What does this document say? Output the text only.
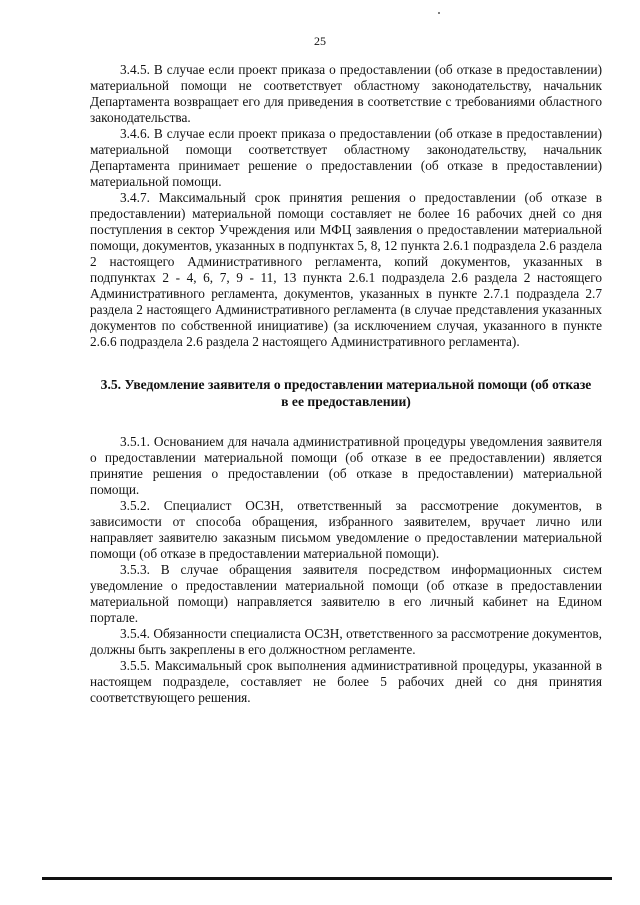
25

3.4.5. В случае если проект приказа о предоставлении (об отказе в предоставлении) материальной помощи не соответствует областному законодательству, начальник Департамента возвращает его для приведения в соответствие с требованиями областного законодательства.

3.4.6. В случае если проект приказа о предоставлении (об отказе в предоставлении) материальной помощи соответствует областному законодательству, начальник Департамента принимает решение о предоставлении (об отказе в предоставлении) материальной помощи.

3.4.7. Максимальный срок принятия решения о предоставлении (об отказе в предоставлении) материальной помощи составляет не более 16 рабочих дней со дня поступления в сектор Учреждения или МФЦ заявления о предоставлении материальной помощи, документов, указанных в подпунктах 5, 8, 12 пункта 2.6.1 подраздела 2.6 раздела 2 настоящего Административного регламента, копий документов, указанных в подпунктах 2 - 4, 6, 7, 9 - 11, 13 пункта 2.6.1 подраздела 2.6 раздела 2 настоящего Административного регламента, документов, указанных в пункте 2.7.1 подраздела 2.7 раздела 2 настоящего Административного регламента (в случае представления указанных документов по собственной инициативе) (за исключением случая, указанного в пункте 2.6.6 подраздела 2.6 раздела 2 настоящего Административного регламента).

3.5. Уведомление заявителя о предоставлении материальной помощи (об отказе в ее предоставлении)

3.5.1. Основанием для начала административной процедуры уведомления заявителя о предоставлении материальной помощи (об отказе в ее предоставлении) является принятие решения о предоставлении (об отказе в предоставлении) материальной помощи.

3.5.2. Специалист ОСЗН, ответственный за рассмотрение документов, в зависимости от способа обращения, избранного заявителем, вручает лично или направляет заявителю заказным письмом уведомление о предоставлении материальной помощи (об отказе в предоставлении материальной помощи).

3.5.3. В случае обращения заявителя посредством информационных систем уведомление о предоставлении материальной помощи (об отказе в предоставлении материальной помощи) направляется заявителю в его личный кабинет на Едином портале.

3.5.4. Обязанности специалиста ОСЗН, ответственного за рассмотрение документов, должны быть закреплены в его должностном регламенте.

3.5.5. Максимальный срок выполнения административной процедуры, указанной в настоящем подразделе, составляет не более 5 рабочих дней со дня принятия соответствующего решения.
